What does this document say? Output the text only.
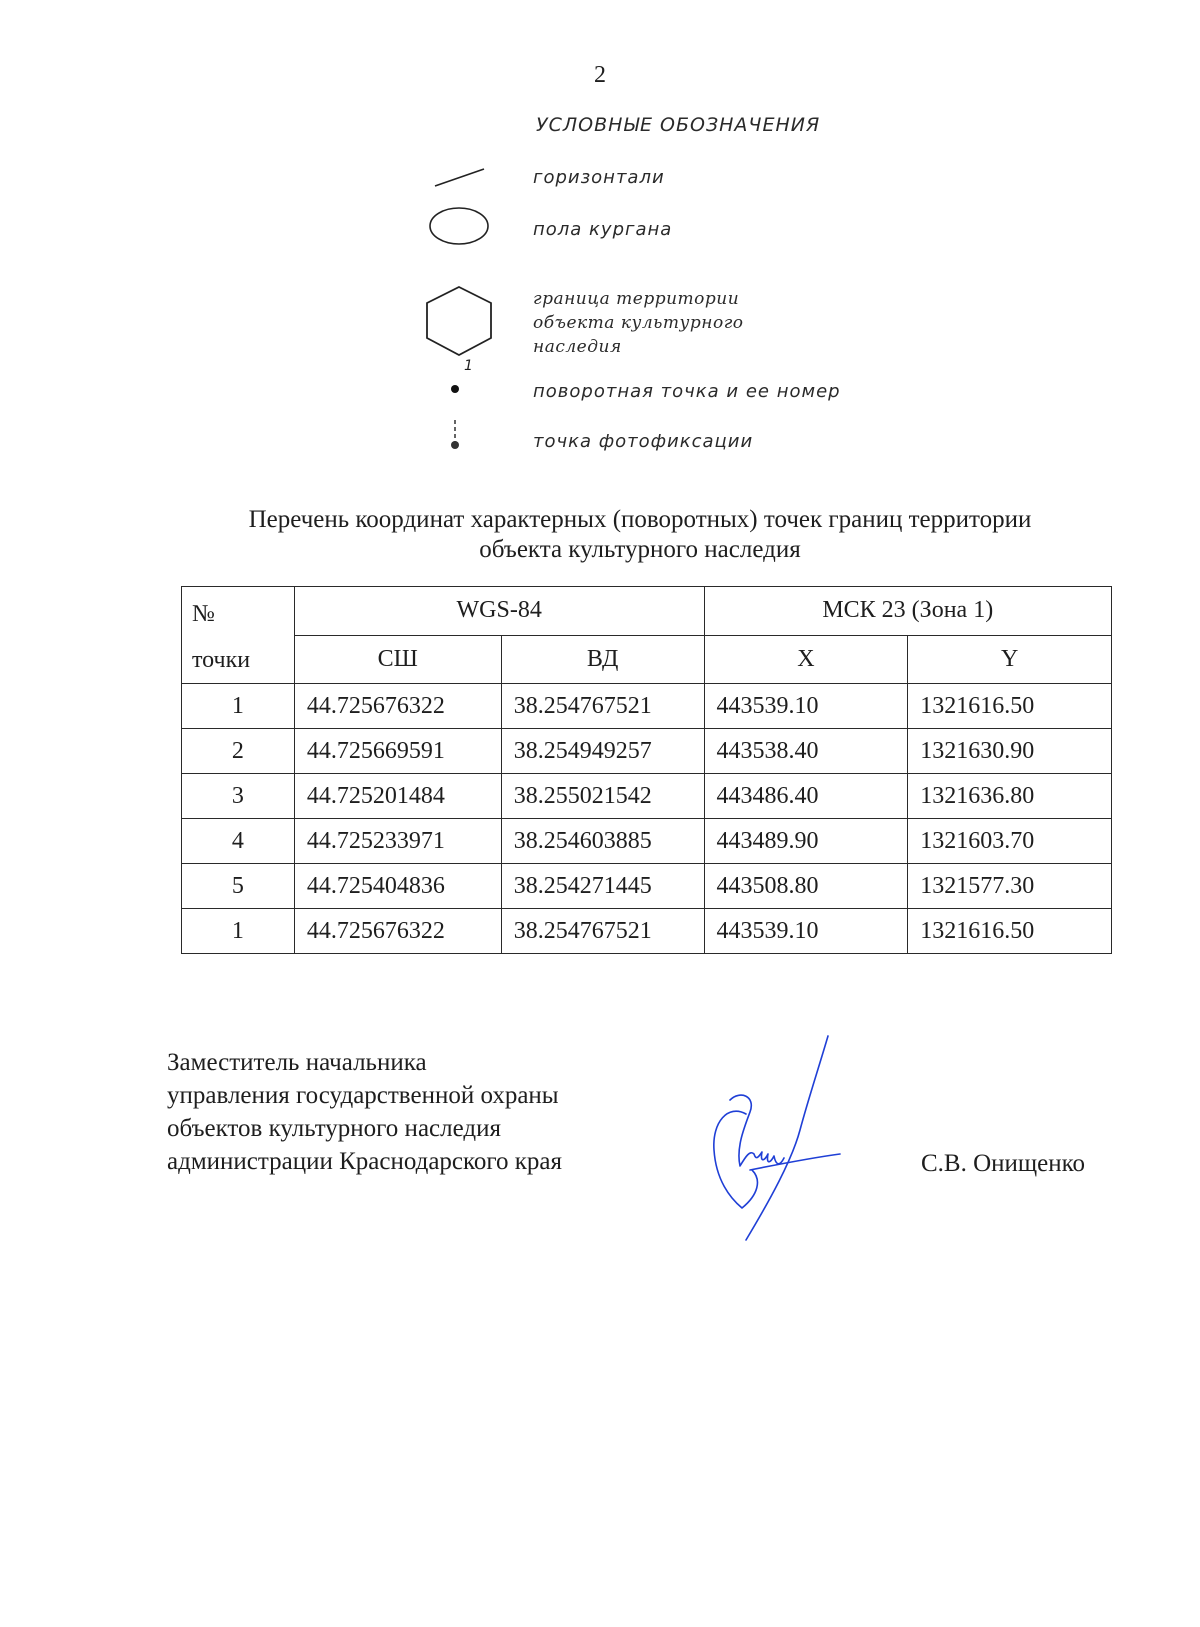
2
УСЛОВНЫЕ ОБОЗНАЧЕНИЯ
горизонтали
пола кургана
граница территории
объекта культурного
наследия
1
поворотная точка и ее номер
точка фотофиксации
Перечень координат характерных (поворотных) точек границ территории
объекта культурного наследия
№
точки	WGS-84		МСК 23 (Зона 1)	
	СШ	ВД	X	Y
1	44.725676322	38.254767521	443539.10	1321616.50
2	44.725669591	38.254949257	443538.40	1321630.90
3	44.725201484	38.255021542	443486.40	1321636.80
4	44.725233971	38.254603885	443489.90	1321603.70
5	44.725404836	38.254271445	443508.80	1321577.30
1	44.725676322	38.254767521	443539.10	1321616.50
Заместитель начальника
управления государственной охраны
объектов культурного наследия
администрации Краснодарского края	С.В. Онищенко
